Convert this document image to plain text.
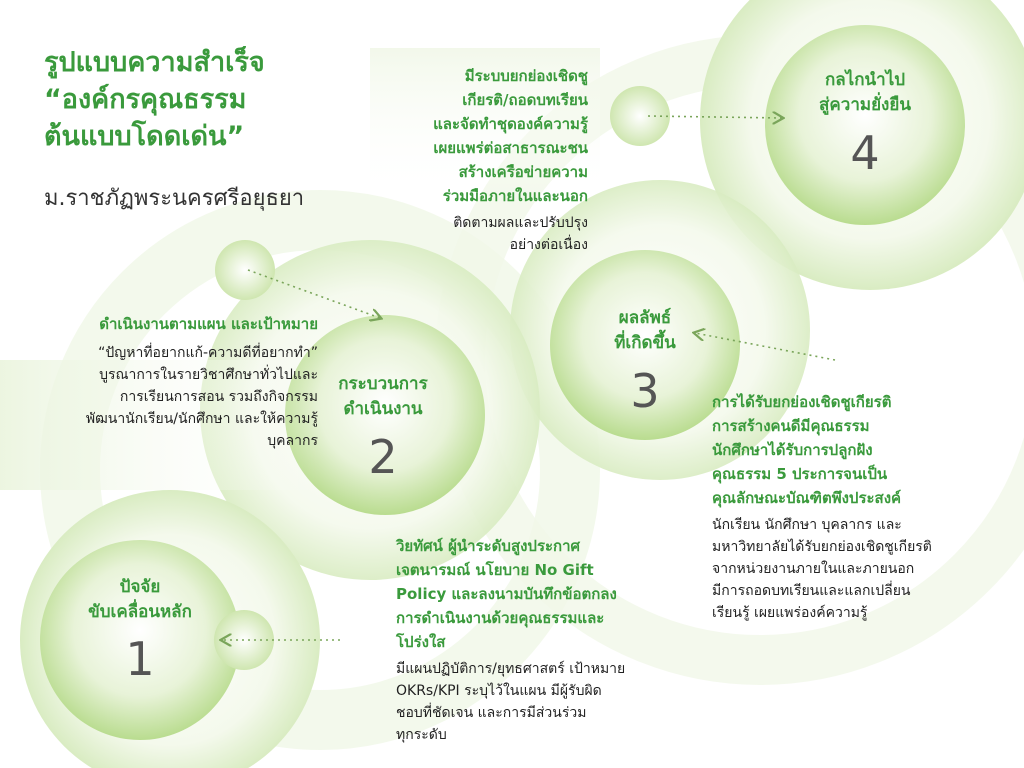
รูปแบบความสำเร็จ
“องค์กรคุณธรรม
ต้นแบบโดดเด่น”
ม.ราชภัฏพระนครศรีอยุธยา
กลไกนำไป
สู่ความยั่งยืน
4
มีระบบยกย่องเชิดชู
เกียรติ/ถอดบทเรียน
และจัดทำชุดองค์ความรู้
เผยแพร่ต่อสาธารณะชน
สร้างเครือข่ายความ
ร่วมมือภายในและนอก
ติดตามผลและปรับปรุง
อย่างต่อเนื่อง
ผลลัพธ์
ที่เกิดขึ้น
3	การได้รับยกย่องเชิดชูเกียรติ
การสร้างคนดีมีคุณธรรม
นักศึกษาได้รับการปลูกฝัง
คุณธรรม 5 ประการจนเป็น
คุณลักษณะบัณฑิตพึงประสงค์
นักเรียน นักศึกษา บุคลากร และ
มหาวิทยาลัยได้รับยกย่องเชิดชูเกียรติ
จากหน่วยงานภายในและภายนอก
มีการถอดบทเรียนและแลกเปลี่ยน
เรียนรู้ เผยแพร่องค์ความรู้
กระบวนการ
ดำเนินงาน
2
ดำเนินงานตามแผน และเป้าหมาย
“ปัญหาที่อยากแก้-ความดีที่อยากทำ”
บูรณาการในรายวิชาศึกษาทั่วไปและ
การเรียนการสอน รวมถึงกิจกรรม
พัฒนานักเรียน/นักศึกษา และให้ความรู้
บุคลากร
ปัจจัย
ขับเคลื่อนหลัก
1
วิยทัศน์ ผู้นำระดับสูงประกาศ
เจตนารมณ์ นโยบาย No Gift
Policy และลงนามบันทึกข้อตกลง
การดำเนินงานด้วยคุณธรรมและ
โปร่งใส
มีแผนปฏิบัติการ/ยุทธศาสตร์ เป้าหมาย
OKRs/KPI ระบุไว้ในแผน มีผู้รับผิด
ชอบที่ชัดเจน และการมีส่วนร่วม
ทุกระดับ
